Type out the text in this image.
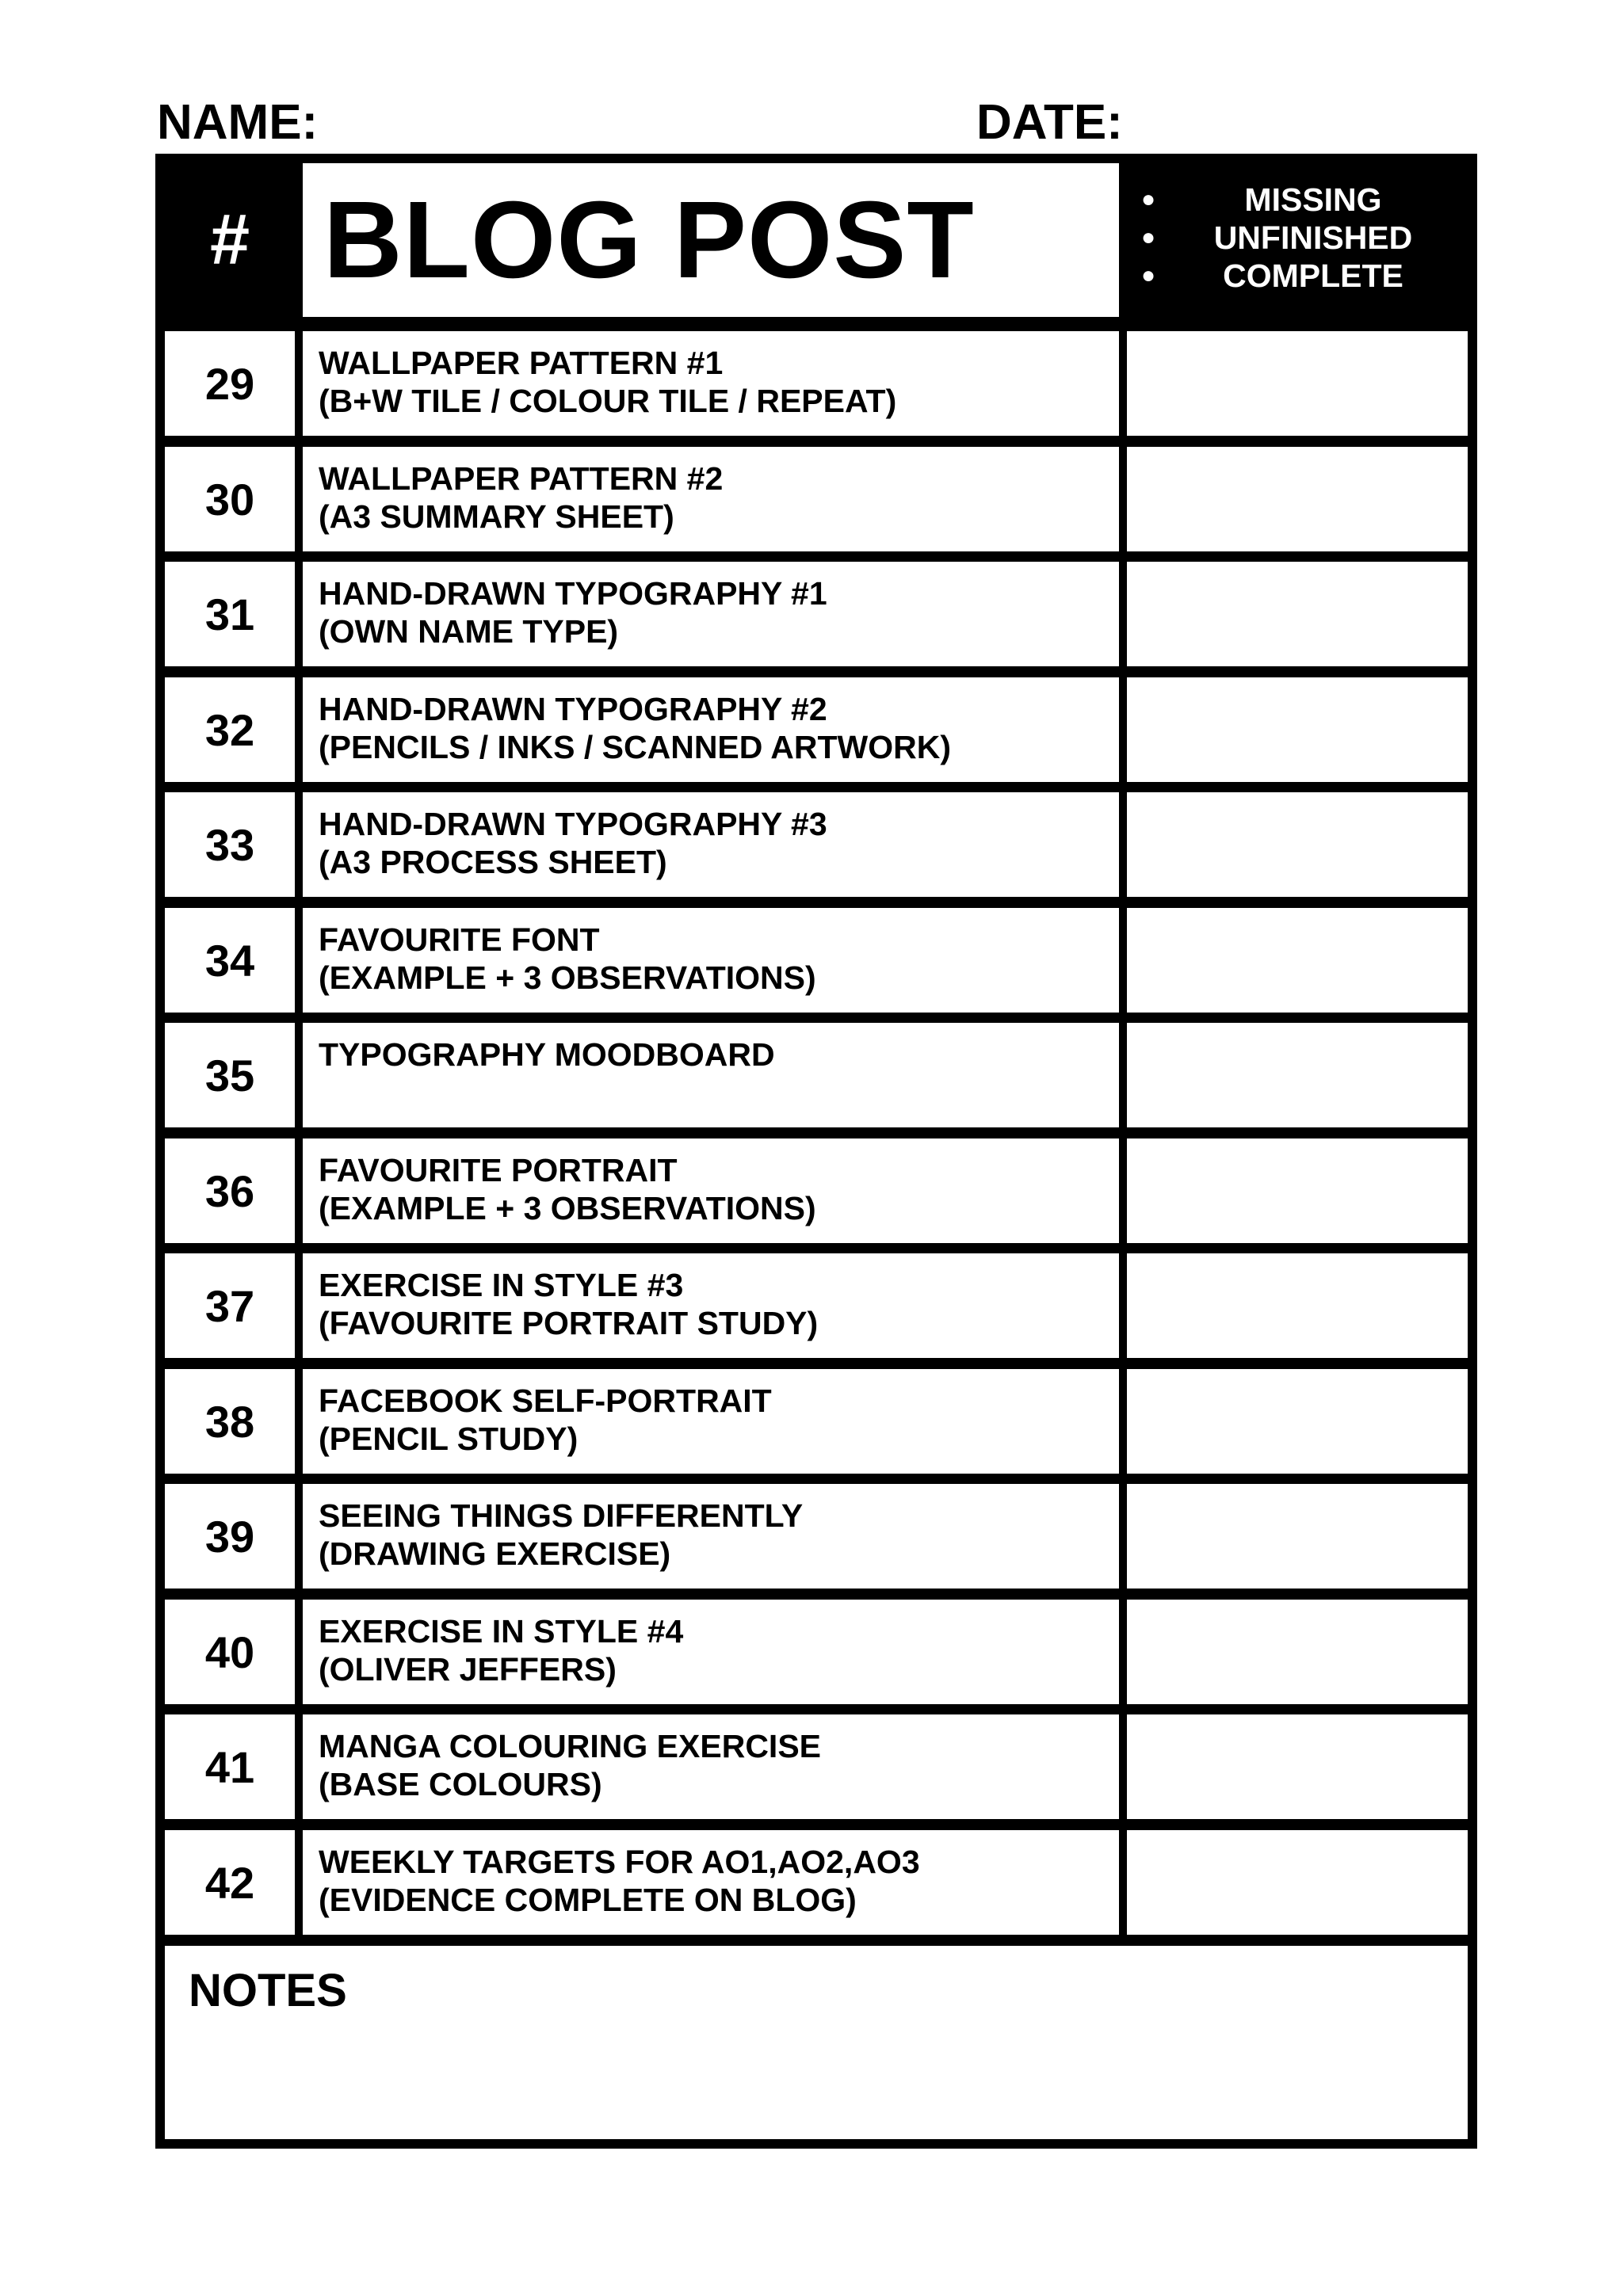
NAME:	DATE:
# BLOG POST	●
●
●
MISSING
UNFINISHED
COMPLETE
29	WALLPAPER PATTERN #1
(B+W TILE / COLOUR TILE / REPEAT)
30	WALLPAPER PATTERN #2
(A3 SUMMARY SHEET)
31	HAND-DRAWN TYPOGRAPHY #1
(OWN NAME TYPE)
32	HAND-DRAWN TYPOGRAPHY #2
(PENCILS / INKS / SCANNED ARTWORK)
33	HAND-DRAWN TYPOGRAPHY #3
(A3 PROCESS SHEET)
34	FAVOURITE FONT
(EXAMPLE + 3 OBSERVATIONS)
35	TYPOGRAPHY MOODBOARD
36	FAVOURITE PORTRAIT
(EXAMPLE + 3 OBSERVATIONS)
37	EXERCISE IN STYLE #3
(FAVOURITE PORTRAIT STUDY)
38	FACEBOOK SELF-PORTRAIT
(PENCIL STUDY)
39	SEEING THINGS DIFFERENTLY
(DRAWING EXERCISE)
40	EXERCISE IN STYLE #4
(OLIVER JEFFERS)
41	MANGA COLOURING EXERCISE
(BASE COLOURS)
42	WEEKLY TARGETS FOR AO1,AO2,AO3
(EVIDENCE COMPLETE ON BLOG)
NOTES
